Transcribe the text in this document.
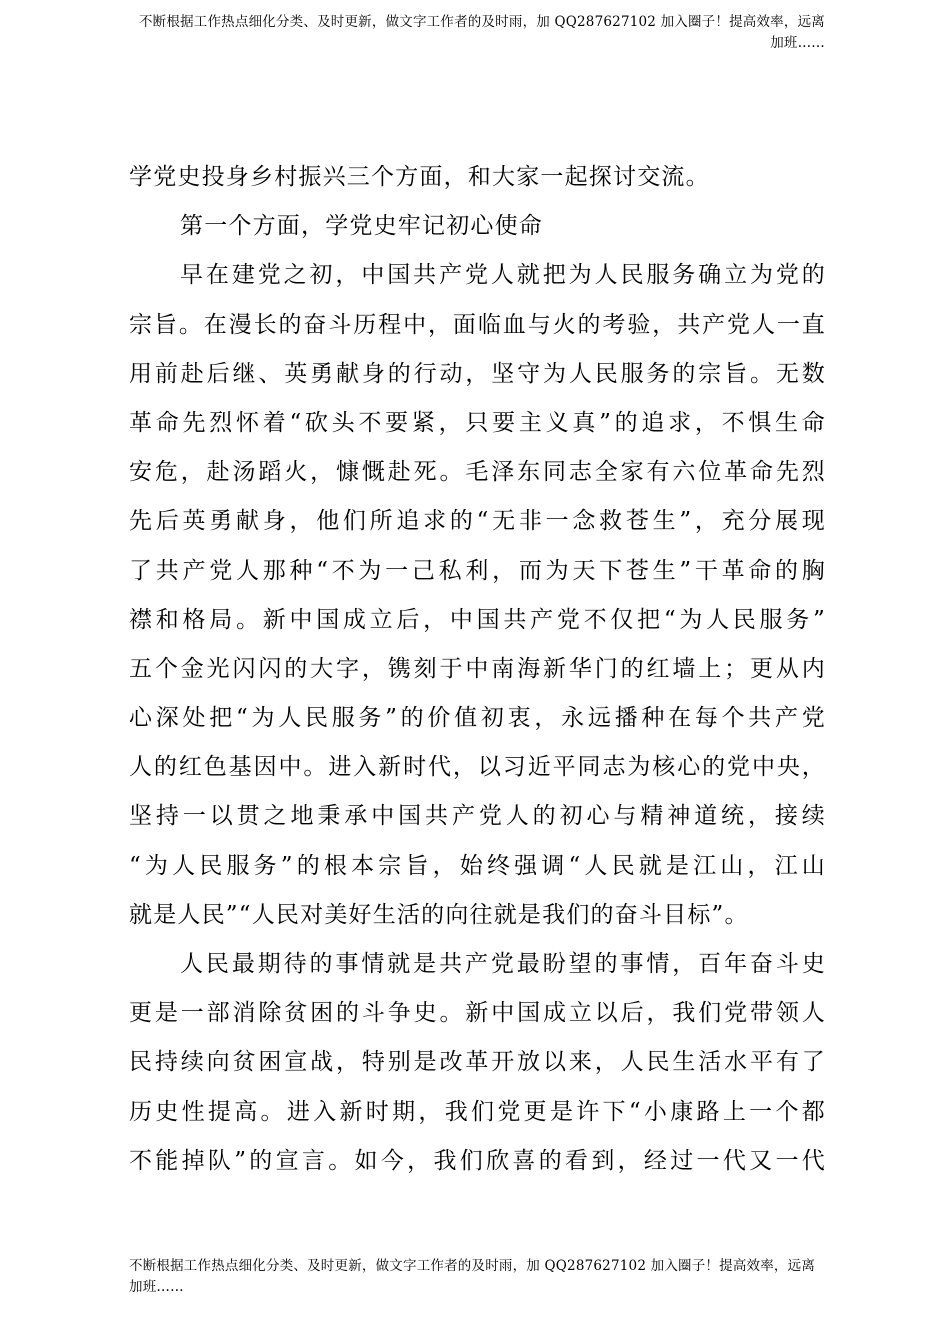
不断根据工作热点细化分类、及时更新，做文字工作者的及时雨，加 QQ287627102 加入圈子！提高效率，远离
加班……
学党史投身乡村振兴三个方面，和大家一起探讨交流。
第一个方面，学党史牢记初心使命
早在建党之初，中国共产党人就把为人民服务确立为党的
宗旨。在漫长的奋斗历程中，面临血与火的考验，共产党人一直
用前赴后继、英勇献身的行动，坚守为人民服务的宗旨。无数
革命先烈怀着“砍头不要紧，只要主义真”的追求，不惧生命
安危，赴汤蹈火，慷慨赴死。毛泽东同志全家有六位革命先烈
先后英勇献身，他们所追求的“无非一念救苍生”，充分展现
了共产党人那种“不为一己私利，而为天下苍生”干革命的胸
襟和格局。新中国成立后，中国共产党不仅把“为人民服务”
五个金光闪闪的大字，镌刻于中南海新华门的红墙上；更从内
心深处把“为人民服务”的价值初衷，永远播种在每个共产党
人的红色基因中。进入新时代，以习近平同志为核心的党中央，
坚持一以贯之地秉承中国共产党人的初心与精神道统，接续
“为人民服务”的根本宗旨，始终强调“人民就是江山，江山
就是人民”“人民对美好生活的向往就是我们的奋斗目标”。
人民最期待的事情就是共产党最盼望的事情，百年奋斗史
更是一部消除贫困的斗争史。新中国成立以后，我们党带领人
民持续向贫困宣战，特别是改革开放以来，人民生活水平有了
历史性提高。进入新时期，我们党更是许下“小康路上一个都
不能掉队”的宣言。如今，我们欣喜的看到，经过一代又一代
不断根据工作热点细化分类、及时更新，做文字工作者的及时雨，加 QQ287627102 加入圈子！提高效率，远离
加班……
